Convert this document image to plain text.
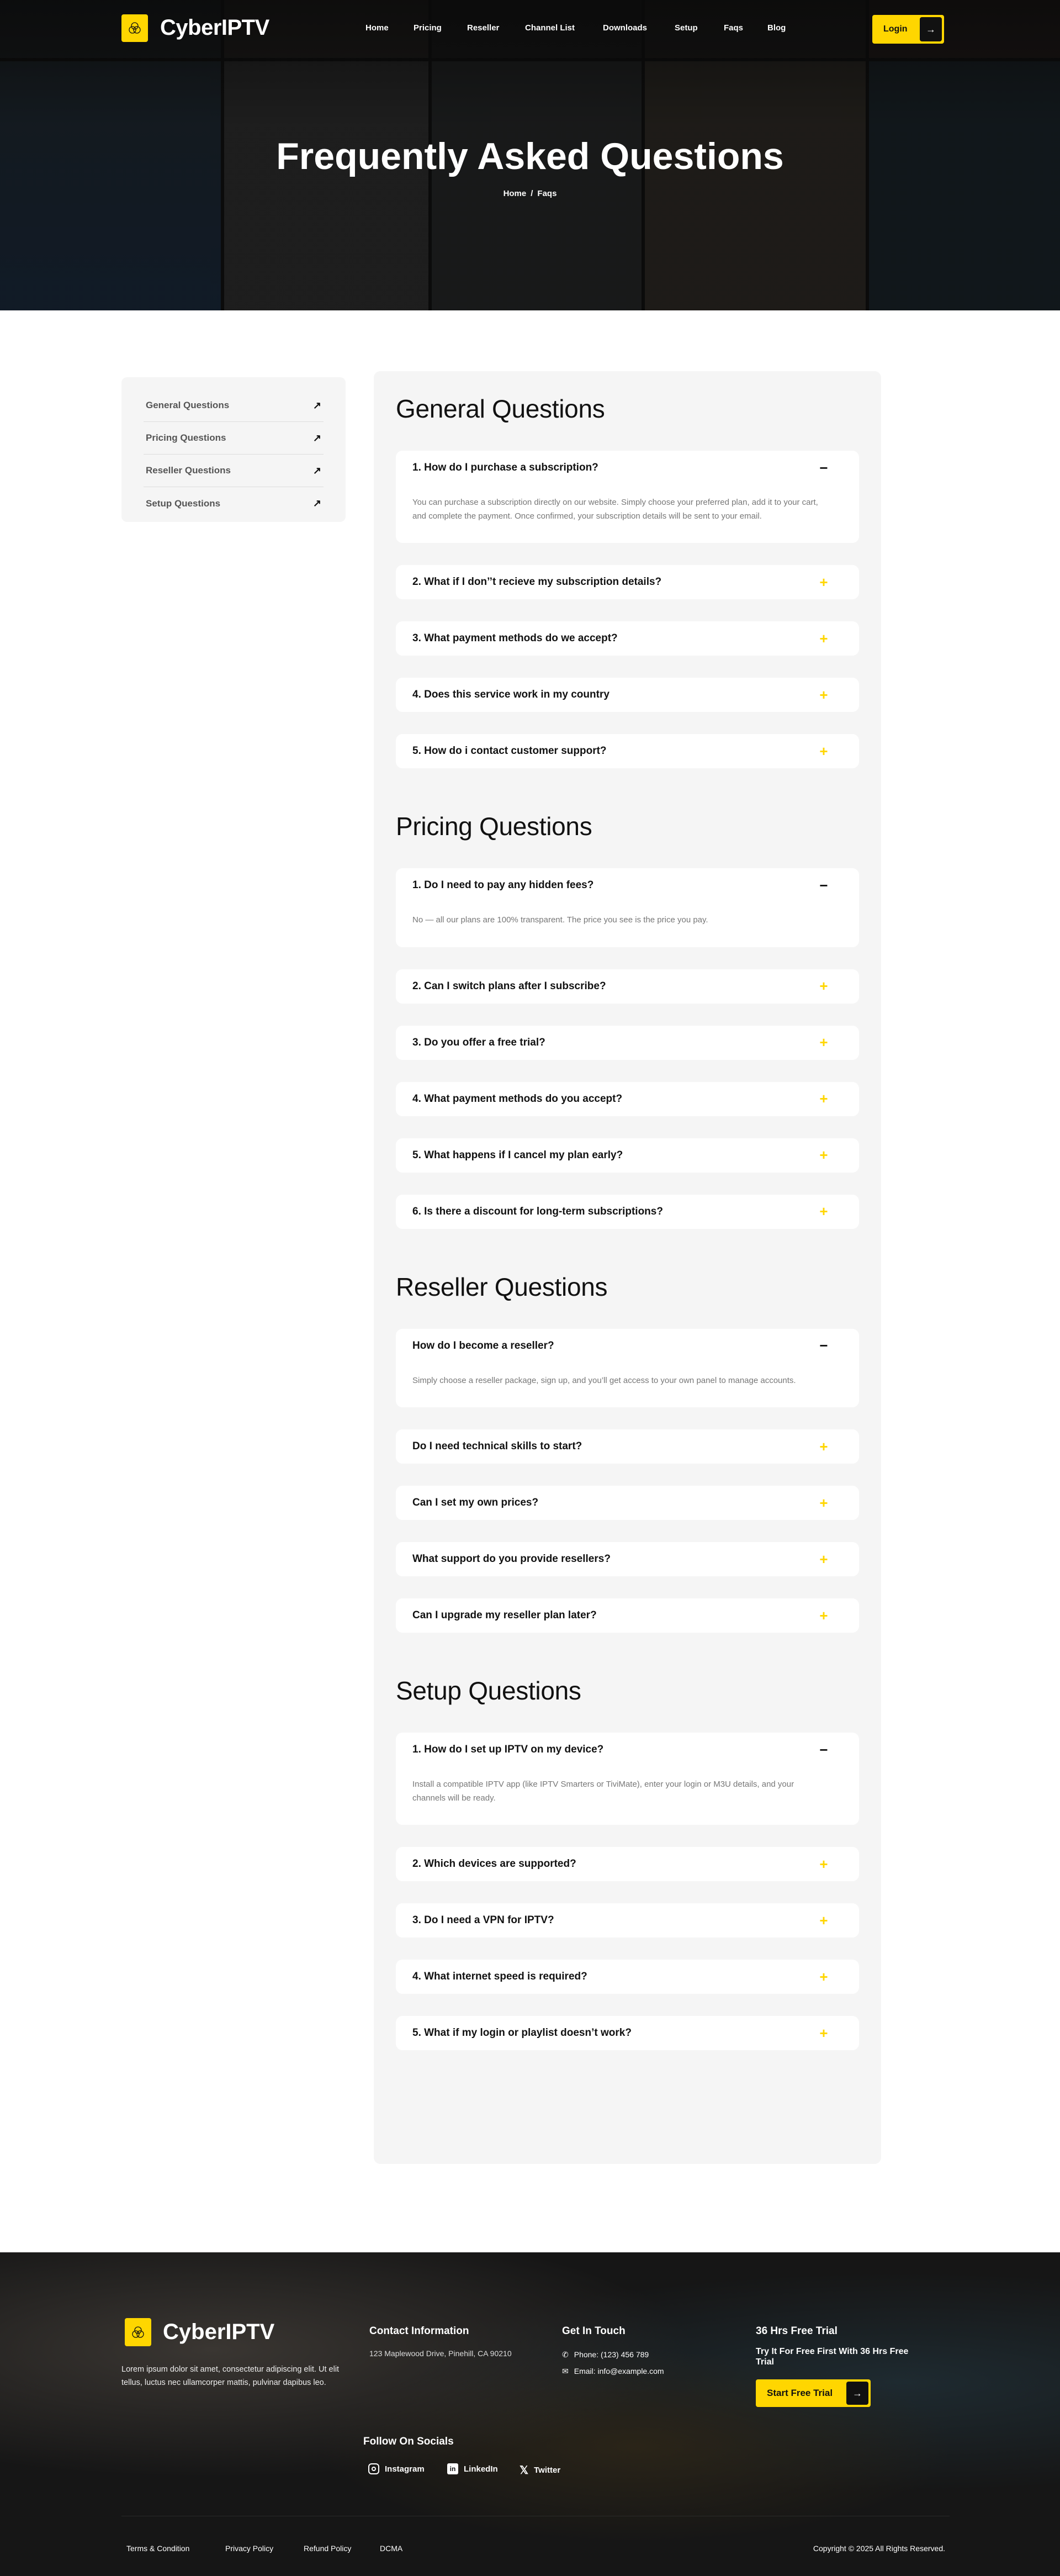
Frequently Asked Questions
Home / Faqs
CyberIPTV	Home	Pricing	Reseller	Channel List	Downloads	Setup	Faqs	Blog	Login	→
General Questions	↗
Pricing Questions	↗
Reseller Questions	↗
Setup Questions	↗
General Questions
1. How do I purchase a subscription?	−
You can purchase a subscription directly on our website. Simply choose your preferred plan, add it to your cart, and complete the payment. Once confirmed, your subscription details will be sent to your email.
2. What if I don’’t recieve my subscription details?	+
3. What payment methods do we accept?	+
4. Does this service work in my country	+
5. How do i contact customer support?	+
Pricing Questions
1. Do I need to pay any hidden fees?	−
No — all our plans are 100% transparent. The price you see is the price you pay.
2. Can I switch plans after I subscribe?	+
3. Do you offer a free trial?	+
4. What payment methods do you accept?	+
5. What happens if I cancel my plan early?	+
6. Is there a discount for long-term subscriptions?	+
Reseller Questions
How do I become a reseller?	−
Simply choose a reseller package, sign up, and you’ll get access to your own panel to manage accounts.
Do I need technical skills to start?	+
Can I set my own prices?	+
What support do you provide resellers?	+
Can I upgrade my reseller plan later?	+
Setup Questions
1. How do I set up IPTV on my device?	−
Install a compatible IPTV app (like IPTV Smarters or TiviMate), enter your login or M3U details, and your channels will be ready.
2. Which devices are supported?	+
3. Do I need a VPN for IPTV?	+
4. What internet speed is required?	+
5. What if my login or playlist doesn’t work?	+
CyberIPTV
Lorem ipsum dolor sit amet, consectetur adipiscing elit. Ut elit tellus, luctus nec ullamcorper mattis, pulvinar dapibus leo.
Contact Information
123 Maplewood Drive, Pinehill, CA 90210
Get In Touch
✆ Phone: (123) 456 789
✉ Email: info@example.com
36 Hrs Free Trial
Try It For Free First With 36 Hrs Free Trial
Start Free Trial	→
Follow On Socials
Instagram	in LinkedIn 𝕏 Twitter
Terms & Condition	Privacy Policy	Refund Policy	DCMA	Copyright © 2025 All Rights Reserved.
